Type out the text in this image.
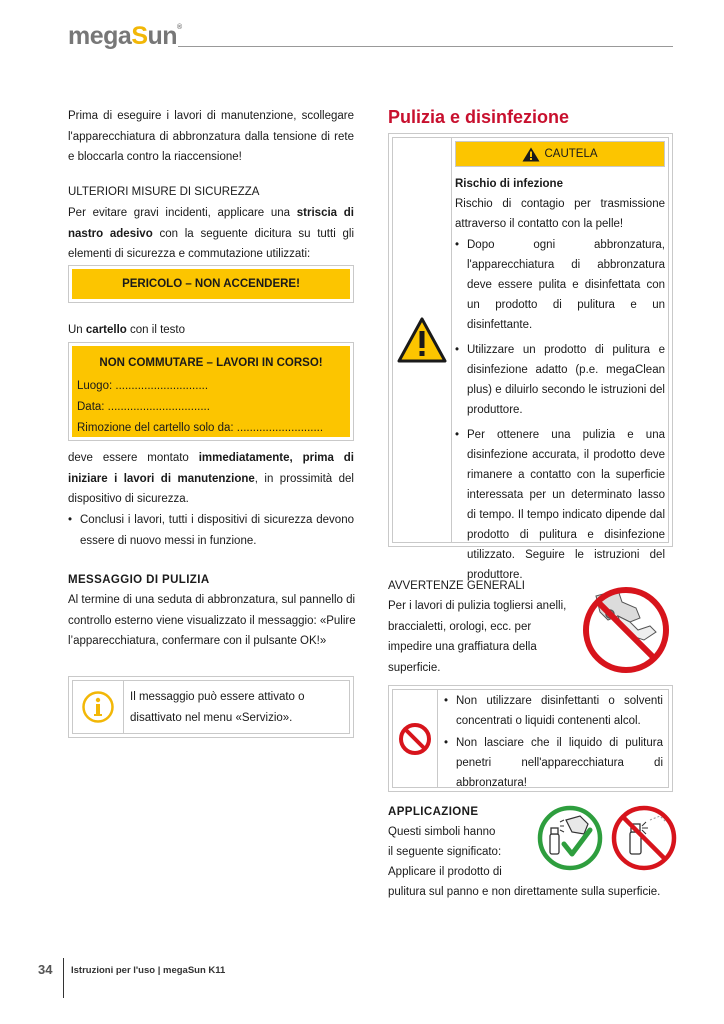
megaSun®
Prima di eseguire i lavori di manutenzione, scollegare l'apparecchiatura di abbronzatura dalla tensione di rete e bloccarla contro la riaccensione!
ULTERIORI MISURE DI SICUREZZA
Per evitare gravi incidenti, applicare una striscia di nastro adesivo con la seguente dicitura su tutti gli elementi di sicurezza e commutazione utilizzati:
PERICOLO – NON ACCENDERE!
Un cartello con il testo
NON COMMUTARE – LAVORI IN CORSO!
Luogo: .............................
Data: ................................
Rimozione del cartello solo da: ...........................
deve essere montato immediatamente, prima di iniziare i lavori di manutenzione, in prossimità del dispositivo di sicurezza.
• Conclusi i lavori, tutti i dispositivi di sicurezza devono essere di nuovo messi in funzione.
MESSAGGIO DI PULIZIA
Al termine di una seduta di abbronzatura, sul pannello di controllo esterno viene visualizzato il messaggio: «Pulire l’apparecchiatura, confermare con il pulsante OK!»
Il messaggio può essere attivato o disattivato nel menu «Servizio».
Pulizia e disinfezione
CAUTELA
Rischio di infezione
Rischio di contagio per trasmissione attraverso il contatto con la pelle!
• Dopo ogni abbronzatura, l'apparecchiatura di abbronzatura deve essere pulita e disinfettata con un prodotto di pulitura e un disinfettante.
• Utilizzare un prodotto di pulitura e disinfezione adatto (p.e. megaClean plus) e diluirlo secondo le istruzioni del produttore.
• Per ottenere una pulizia e una disinfezione accurata, il prodotto deve rimanere a contatto con la superficie interessata per un determinato lasso di tempo. Il tempo indicato dipende dal prodotto di pulitura e disinfezione utilizzato. Seguire le istruzioni del produttore.
AVVERTENZE GENERALI
Per i lavori di pulizia togliersi anelli, braccialetti, orologi, ecc. per impedire una graffiatura della superficie.
• Non utilizzare disinfettanti o solventi concentrati o liquidi contenenti alcol.
• Non lasciare che il liquido di pulitura penetri nell'apparecchiatura di abbronzatura!
APPLICAZIONE
Questi simboli hanno
il seguente significato:
Applicare il prodotto di
pulitura sul panno e non direttamente sulla superficie.
34 Istruzioni per l'uso | megaSun K11
